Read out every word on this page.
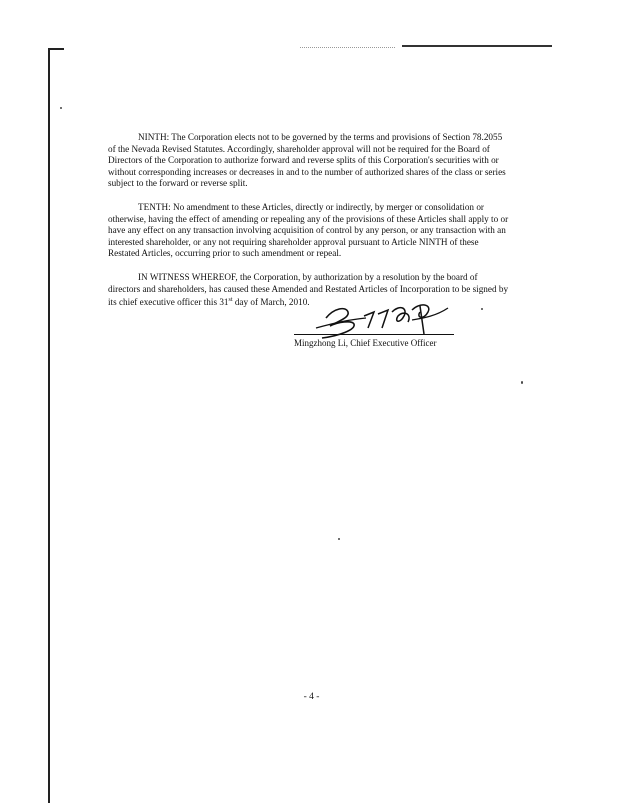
NINTH: The Corporation elects not to be governed by the terms and provisions of Section 78.2055 of the Nevada Revised Statutes. Accordingly, shareholder approval will not be required for the Board of Directors of the Corporation to authorize forward and reverse splits of this Corporation's securities with or without corresponding increases or decreases in and to the number of authorized shares of the class or series subject to the forward or reverse split.

TENTH: No amendment to these Articles, directly or indirectly, by merger or consolidation or otherwise, having the effect of amending or repealing any of the provisions of these Articles shall apply to or have any effect on any transaction involving acquisition of control by any person, or any transaction with an interested shareholder, or any not requiring shareholder approval pursuant to Article NINTH of these Restated Articles, occurring prior to such amendment or repeal.

IN WITNESS WHEREOF, the Corporation, by authorization by a resolution by the board of directors and shareholders, has caused these Amended and Restated Articles of Incorporation to be signed by its chief executive officer this 31st day of March, 2010.

Mingzhong Li, Chief Executive Officer
- 4 -
